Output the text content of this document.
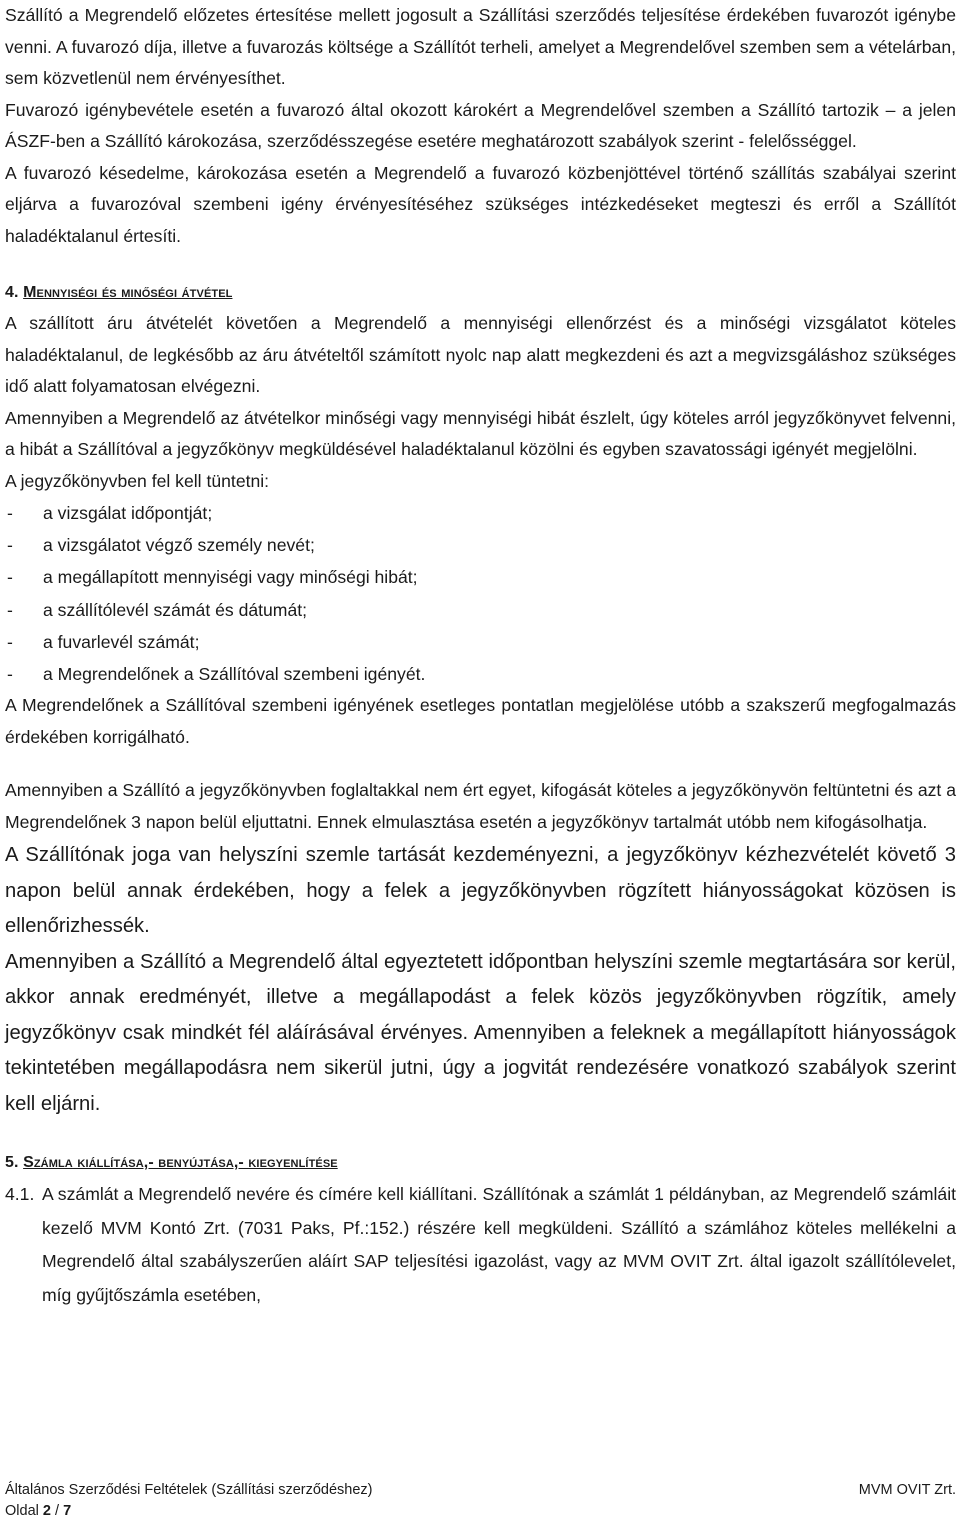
Szállító a Megrendelő előzetes értesítése mellett jogosult a Szállítási szerződés teljesítése érdekében fuvarozót igénybe venni. A fuvarozó díja, illetve a fuvarozás költsége a Szállítót terheli, amelyet a Megrendelővel szemben sem a vételárban, sem közvetlenül nem érvényesíthet.

Fuvarozó igénybevétele esetén a fuvarozó által okozott károkért a Megrendelővel szemben a Szállító tartozik – a jelen ÁSZF-ben a Szállító károkozása, szerződésszegése esetére meghatározott szabályok szerint - felelősséggel.

A fuvarozó késedelme, károkozása esetén a Megrendelő a fuvarozó közbenjöttével történő szállítás szabályai szerint eljárva a fuvarozóval szembeni igény érvényesítéséhez szükséges intézkedéseket megteszi és erről a Szállítót haladéktalanul értesíti.

4. Mennyiségi és minőségi átvétel

A szállított áru átvételét követően a Megrendelő a mennyiségi ellenőrzést és a minőségi vizsgálatot köteles haladéktalanul, de legkésőbb az áru átvételtől számított nyolc nap alatt megkezdeni és azt a megvizsgáláshoz szükséges idő alatt folyamatosan elvégezni.

Amennyiben a Megrendelő az átvételkor minőségi vagy mennyiségi hibát észlelt, úgy köteles arról jegyzőkönyvet felvenni, a hibát a Szállítóval a jegyzőkönyv megküldésével haladéktalanul közölni és egyben szavatossági igényét megjelölni.

A jegyzőkönyvben fel kell tüntetni:

-	a vizsgálat időpontját;
-	a vizsgálatot végző személy nevét;
-	a megállapított mennyiségi vagy minőségi hibát;
-	a szállítólevél számát és dátumát;
-	a fuvarlevél számát;
-	a Megrendelőnek a Szállítóval szembeni igényét.

A Megrendelőnek a Szállítóval szembeni igényének esetleges pontatlan megjelölése utóbb a szakszerű megfogalmazás érdekében korrigálható.

Amennyiben a Szállító a jegyzőkönyvben foglaltakkal nem ért egyet, kifogását köteles a jegyzőkönyvön feltüntetni és azt a Megrendelőnek 3 napon belül eljuttatni. Ennek elmulasztása esetén a jegyzőkönyv tartalmát utóbb nem kifogásolhatja.

A Szállítónak joga van helyszíni szemle tartását kezdeményezni, a jegyzőkönyv kézhezvételét követő 3 napon belül annak érdekében, hogy a felek a jegyzőkönyvben rögzített hiányosságokat közösen is ellenőrizhessék.

Amennyiben a Szállító a Megrendelő által egyeztetett időpontban helyszíni szemle megtartására sor kerül, akkor annak eredményét, illetve a megállapodást a felek közös jegyzőkönyvben rögzítik, amely jegyzőkönyv csak mindkét fél aláírásával érvényes. Amennyiben a feleknek a megállapított hiányosságok tekintetében megállapodásra nem sikerül jutni, úgy a jogvitát rendezésére vonatkozó szabályok szerint kell eljárni.

5. Számla kiállítása,- benyújtása,- kiegyenlítése
4.1. A számlát a Megrendelő nevére és címére kell kiállítani. Szállítónak a számlát 1 példányban, az Megrendelő számláit kezelő MVM Kontó Zrt. (7031 Paks, Pf.:152.) részére kell megküldeni. Szállító a számlához köteles mellékelni a Megrendelő által szabályszerűen aláírt SAP teljesítési igazolást, vagy az MVM OVIT Zrt. által igazolt szállítólevelet, míg gyűjtőszámla esetében,
Általános Szerződési Feltételek (Szállítási szerződéshez)	MVM OVIT Zrt.
Oldal 2 / 7
